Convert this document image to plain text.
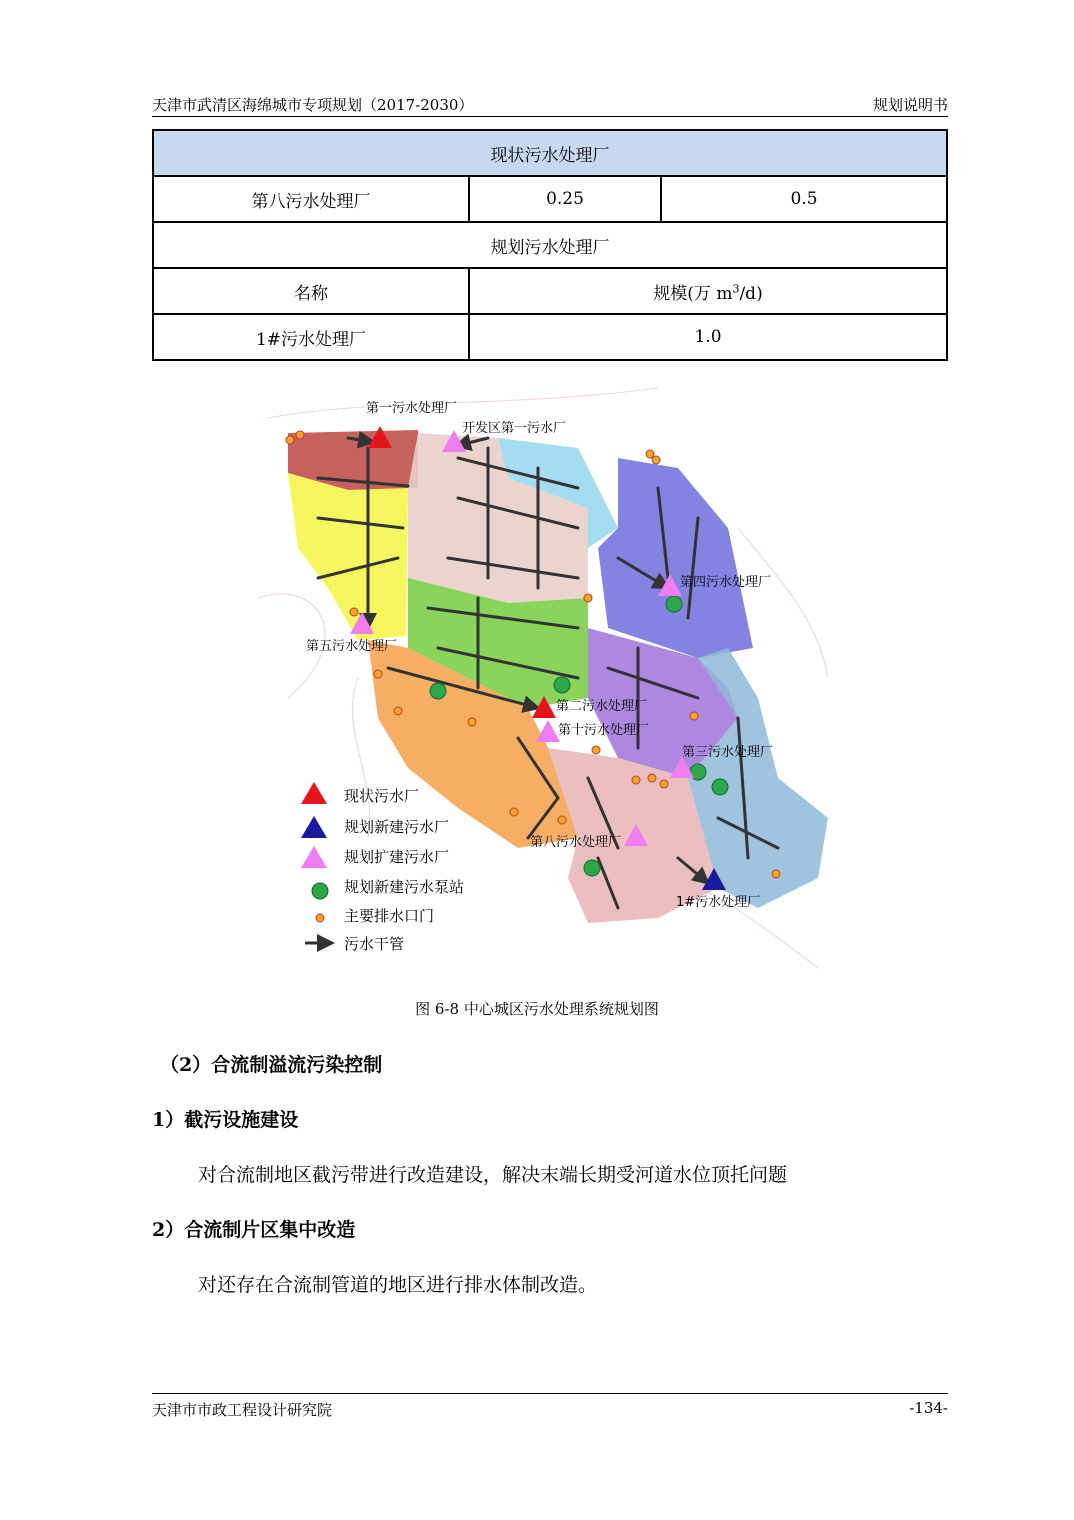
天津市武清区海绵城市专项规划（2017-2030）	规划说明书
现状污水处理厂		
第八污水处理厂	0.25	0.5
规划污水处理厂		
名称	规模(万 $m^3/d$)	
1#污水处理厂	1.0	
第一污水处理厂
开发区第一污水厂
第四污水处理厂
第五污水处理厂
第二污水处理厂
第十污水处理厂
第三污水处理厂
第八污水处理厂
1#污水处理厂
现状污水厂
规划新建污水厂
规划扩建污水厂
规划新建污水泵站
主要排水口门
污水干管
图 6-8 中心城区污水处理系统规划图
（2）合流制溢流污染控制
1）截污设施建设
对合流制地区截污带进行改造建设，解决末端长期受河道水位顶托问题
2）合流制片区集中改造
对还存在合流制管道的地区进行排水体制改造。
天津市市政工程设计研究院	-134-
